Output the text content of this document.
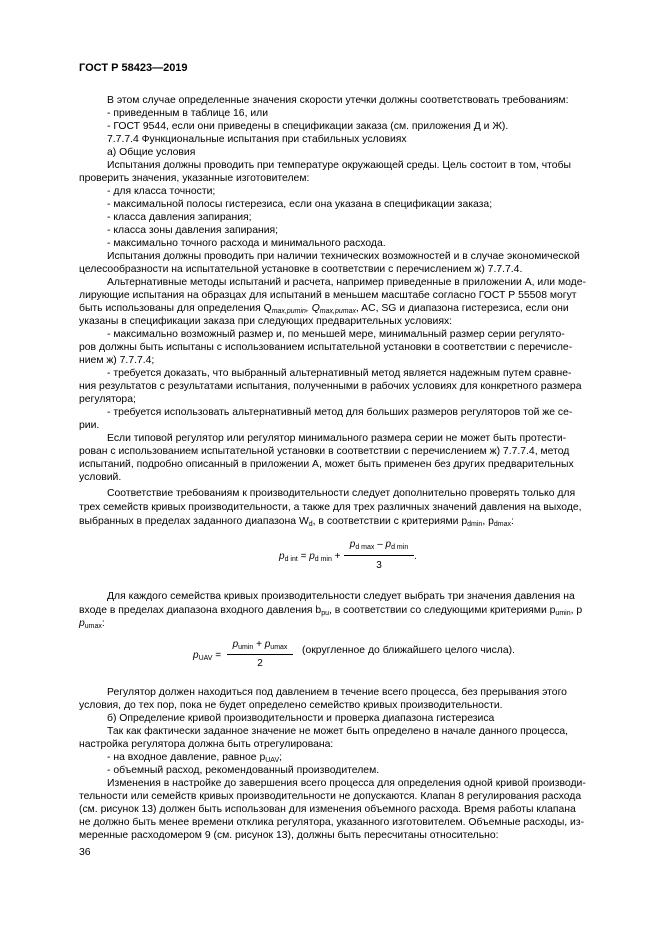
ГОСТ Р 58423—2019
В этом случае определенные значения скорости утечки должны соответствовать требованиям:
- приведенным в таблице 16, или
- ГОСТ 9544, если они приведены в спецификации заказа (см. приложения Д и Ж).
7.7.7.4 Функциональные испытания при стабильных условиях
а) Общие условия
Испытания должны проводить при температуре окружающей среды. Цель состоит в том, чтобы
проверить значения, указанные изготовителем:
- для класса точности;
- максимальной полосы гистерезиса, если она указана в спецификации заказа;
- класса давления запирания;
- класса зоны давления запирания;
- максимально точного расхода и минимального расхода.
Испытания должны проводить при наличии технических возможностей и в случае экономической
целесообразности на испытательной установке в соответствии с перечислением ж) 7.7.7.4.
Альтернативные методы испытаний и расчета, например приведенные в приложении А, или моде-
лирующие испытания на образцах для испытаний в меньшем масштабе согласно ГОСТ Р 55508 могут
быть использованы для определения $Q_{max,pumin}$, $Q_{max,pumax}$, AC, SG и диапазона гистерезиса, если они
указаны в спецификации заказа при следующих предварительных условиях:
- максимально возможный размер и, по меньшей мере, минимальный размер серии регулято-
ров должны быть испытаны с использованием испытательной установки в соответствии с перечисле-
нием ж) 7.7.7.4;
- требуется доказать, что выбранный альтернативный метод является надежным путем сравне-
ния результатов с результатами испытания, полученными в рабочих условиях для конкретного размера
регулятора;
- требуется использовать альтернативный метод для больших размеров регуляторов той же се-
рии.
Если типовой регулятор или регулятор минимального размера серии не может быть протести-
рован с использованием испытательной установки в соответствии с перечислением ж) 7.7.7.4, метод
испытаний, подробно описанный в приложении А, может быть применен без других предварительных
условий.
Соответствие требованиям к производительности следует дополнительно проверять только для
трех семейств кривых производительности, а также для трех различных значений давления на выходе,
выбранных в пределах заданного диапазона $W_d$, в соответствии с критериями $p_{dmin}$, $p_{dmax}$:
$p_{d int} = p_{d min}$ +
$p_{d max} - p_{d min}$
3
.
Для каждого семейства кривых производительности следует выбрать три значения давления на
входе в пределах диапазона входного давления $b_{pu}$, в соответствии со следующими критериями $p_{umin}$, p
$p_{umax}$:
$p_{UAV}$ =
$p_{umin} + p_{umax}$
2
(округленное до ближайшего целого числа).
Регулятор должен находиться под давлением в течение всего процесса, без прерывания этого
условия, до тех пор, пока не будет определено семейство кривых производительности.
б) Определение кривой производительности и проверка диапазона гистерезиса
Так как фактически заданное значение не может быть определено в начале данного процесса,
настройка регулятора должна быть отрегулирована:
- на входное давление, равное $p_{UAV}$;
- объемный расход, рекомендованный производителем.
Изменения в настройке до завершения всего процесса для определения одной кривой производи-
тельности или семейств кривых производительности не допускаются. Клапан 8 регулирования расхода
(см. рисунок 13) должен быть использован для изменения объемного расхода. Время работы клапана
не должно быть менее времени отклика регулятора, указанного изготовителем. Объемные расходы, из-
меренные расходомером 9 (см. рисунок 13), должны быть пересчитаны относительно:
36
